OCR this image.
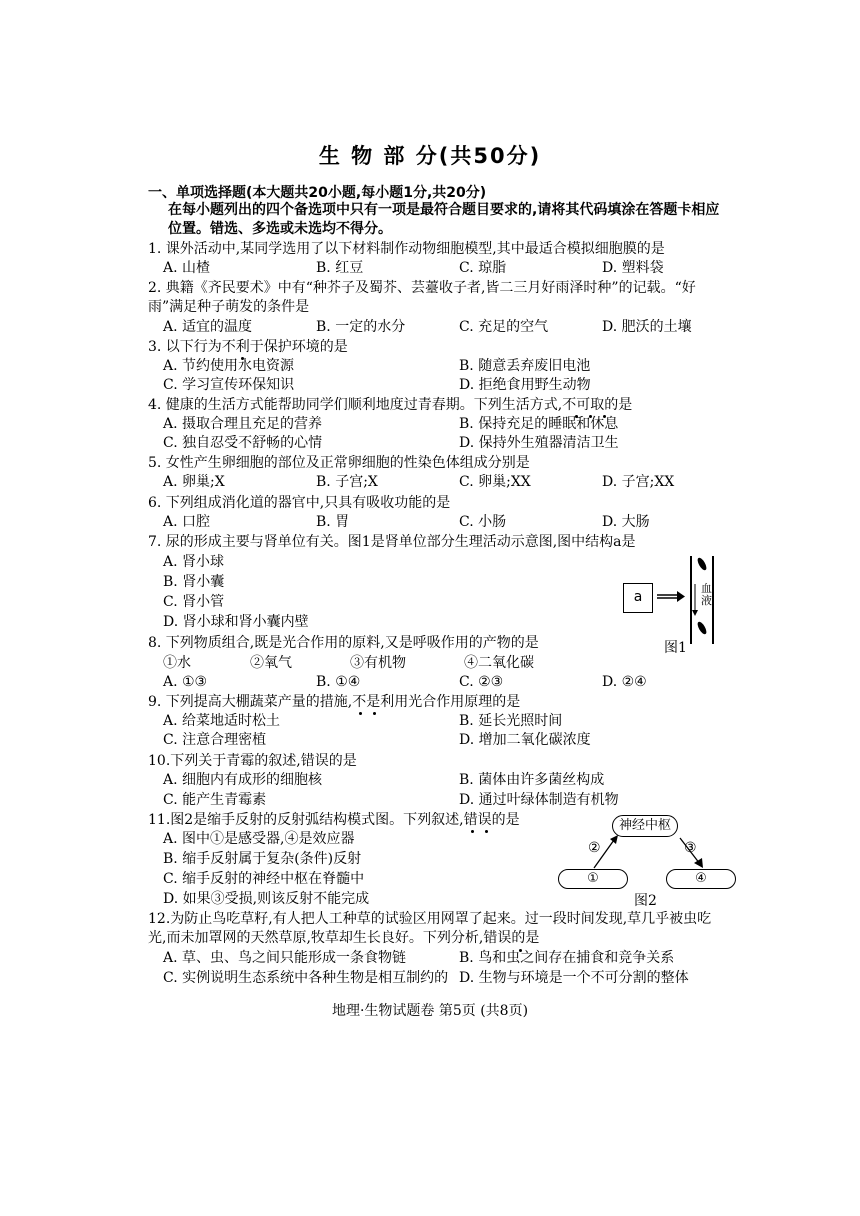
生 物 部 分(共50分)
一、单项选择题(本大题共20小题,每小题1分,共20分)
在每小题列出的四个备选项中只有一项是最符合题目要求的,请将其代码填涂在答题卡相应位置。错选、多选或未选均不得分。
1. 课外活动中,某同学选用了以下材料制作动物细胞模型,其中最适合模拟细胞膜的是
A. 山楂	B. 红豆	C. 琼脂	D. 塑料袋
2. 典籍《齐民要术》中有“种芥子及蜀芥、芸薹收子者,皆二三月好雨泽时种”的记载。“好雨”满足种子萌发的条件是
A. 适宜的温度	B. 一定的水分	C. 充足的空气	D. 肥沃的土壤
3. 以下行为不利于保护环境的是
A. 节约使用水电资源	B. 随意丢弃废旧电池
C. 学习宣传环保知识	D. 拒绝食用野生动物
4. 健康的生活方式能帮助同学们顺利地度过青春期。下列生活方式,不可取的是
A. 摄取合理且充足的营养	B. 保持充足的睡眠和休息
C. 独自忍受不舒畅的心情	D. 保持外生殖器清洁卫生
5. 女性产生卵细胞的部位及正常卵细胞的性染色体组成分别是
A. 卵巢;X	B. 子宫;X	C. 卵巢;XX	D. 子宫;XX
6. 下列组成消化道的器官中,只具有吸收功能的是
A. 口腔	B. 胃	C. 小肠	D. 大肠
7. 尿的形成主要与肾单位有关。图1是肾单位部分生理活动示意图,图中结构a是
A. 肾小球
B. 肾小囊
C. 肾小管
D. 肾小球和肾小囊内壁
a
血液
图1
8. 下列物质组合,既是光合作用的原料,又是呼吸作用的产物的是
①水	②氧气	③有机物	④二氧化碳
A. ①③	B. ①④	C. ②③	D. ②④
9. 下列提高大棚蔬菜产量的措施,不是利用光合作用原理的是
A. 给菜地适时松土	B. 延长光照时间
C. 注意合理密植	D. 增加二氧化碳浓度
10.下列关于青霉的叙述,错误的是
A. 细胞内有成形的细胞核	B. 菌体由许多菌丝构成
C. 能产生青霉素	D. 通过叶绿体制造有机物
11.图2是缩手反射的反射弧结构模式图。下列叙述,错误的是
A. 图中①是感受器,④是效应器
B. 缩手反射属于复杂(条件)反射
C. 缩手反射的神经中枢在脊髓中
D. 如果③受损,则该反射不能完成
神经中枢
①	④
②	③
图2
12.为防止鸟吃草籽,有人把人工种草的试验区用网罩了起来。过一段时间发现,草几乎被虫吃光,而未加罩网的天然草原,牧草却生长良好。下列分析,错误的是
A. 草、虫、鸟之间只能形成一条食物链	B. 鸟和虫之间存在捕食和竞争关系
C. 实例说明生态系统中各种生物是相互制约的 D. 生物与环境是一个不可分割的整体
地理·生物试题卷 第5页 (共8页)
